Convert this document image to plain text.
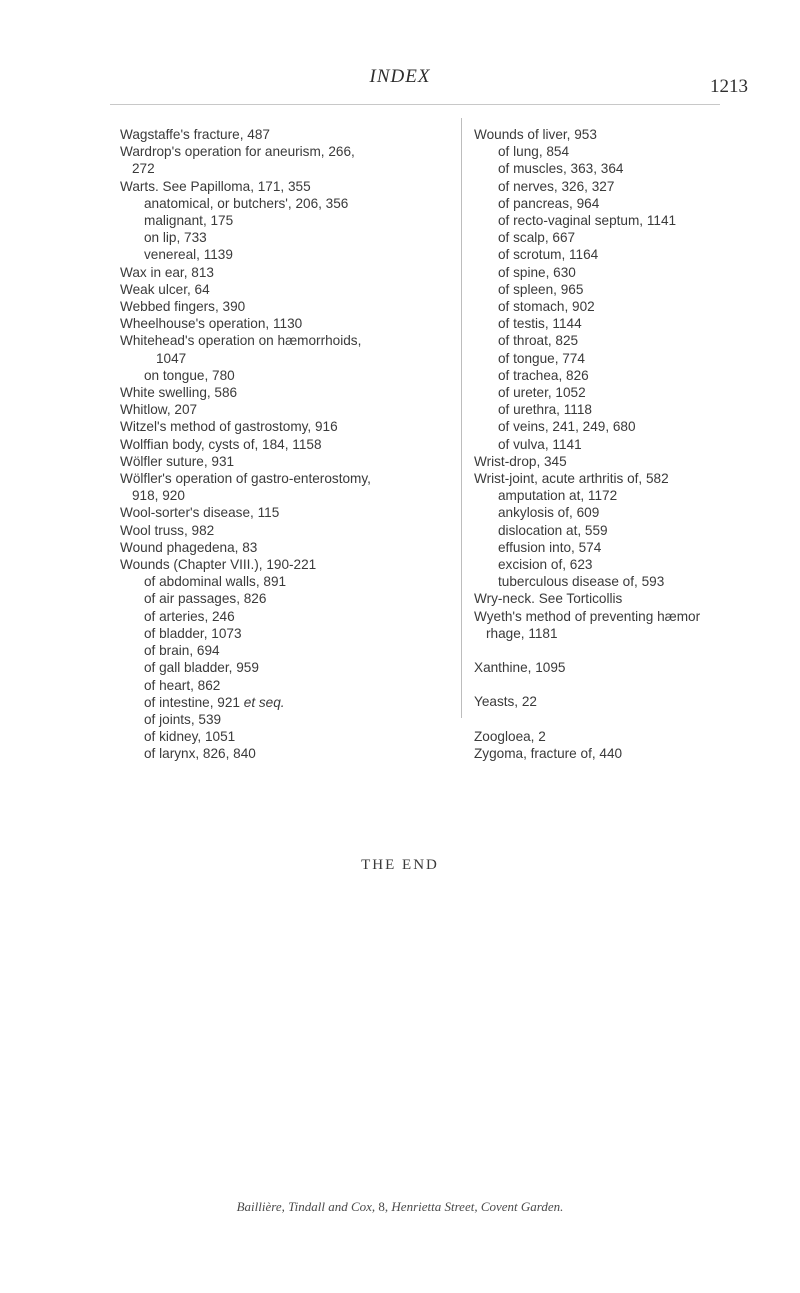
INDEX	1213
Wagstaffe's fracture, 487
Wardrop's operation for aneurism, 266,
272
Warts. See Papilloma, 171, 355
anatomical, or butchers', 206, 356
malignant, 175
on lip, 733
venereal, 1139
Wax in ear, 813
Weak ulcer, 64
Webbed fingers, 390
Wheelhouse's operation, 1130
Whitehead's operation on hæmorrhoids,
1047
on tongue, 780
White swelling, 586
Whitlow, 207
Witzel's method of gastrostomy, 916
Wolffian body, cysts of, 184, 1158
Wölfler suture, 931
Wölfler's operation of gastro-enterostomy,
918, 920
Wool-sorter's disease, 115
Wool truss, 982
Wound phagedena, 83
Wounds (Chapter VIII.), 190-221
of abdominal walls, 891
of air passages, 826
of arteries, 246
of bladder, 1073
of brain, 694
of gall bladder, 959
of heart, 862
of intestine, 921 et seq.
of joints, 539
of kidney, 1051
of larynx, 826, 840
Wounds of liver, 953
of lung, 854
of muscles, 363, 364
of nerves, 326, 327
of pancreas, 964
of recto-vaginal septum, 1141
of scalp, 667
of scrotum, 1164
of spine, 630
of spleen, 965
of stomach, 902
of testis, 1144
of throat, 825
of tongue, 774
of trachea, 826
of ureter, 1052
of urethra, 1118
of veins, 241, 249, 680
of vulva, 1141
Wrist-drop, 345
Wrist-joint, acute arthritis of, 582
amputation at, 1172
ankylosis of, 609
dislocation at, 559
effusion into, 574
excision of, 623
tuberculous disease of, 593
Wry-neck. See Torticollis
Wyeth's method of preventing hæmor
rhage, 1181
Xanthine, 1095
Yeasts, 22
Zoogloea, 2
Zygoma, fracture of, 440
THE END
Baillière, Tindall and Cox, 8, Henrietta Street, Covent Garden.
